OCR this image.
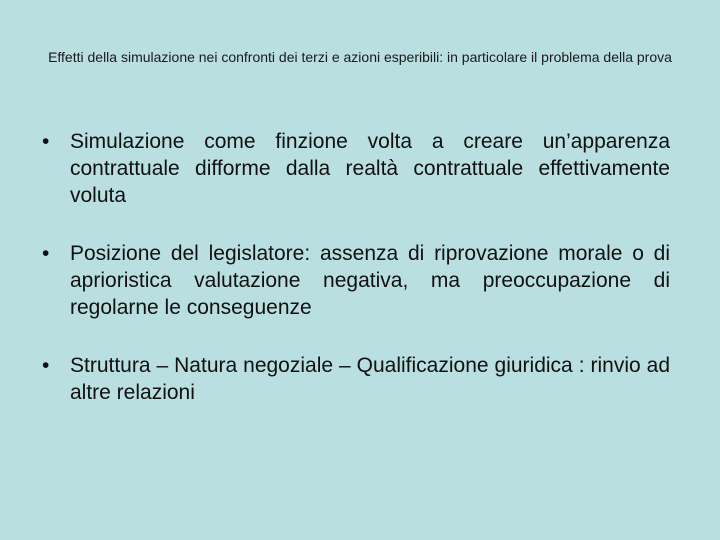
Effetti della simulazione nei confronti dei terzi e azioni esperibili: in particolare il problema della prova
• Simulazione come finzione volta a creare un’apparenza contrattuale difforme dalla realtà contrattuale effettivamente voluta
• Posizione del legislatore: assenza di riprovazione morale o di aprioristica valutazione negativa, ma preoccupazione di regolarne le conseguenze
• Struttura – Natura negoziale – Qualificazione giuridica : rinvio ad altre relazioni
